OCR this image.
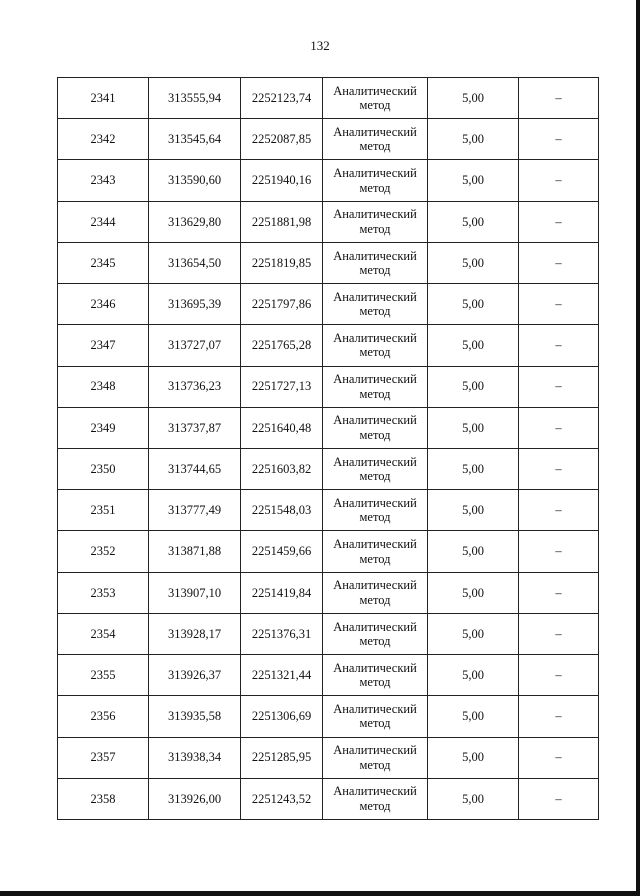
132
2341	313555,94	2252123,74	Аналитический метод	5,00	–
2342	313545,64	2252087,85	Аналитический метод	5,00	–
2343	313590,60	2251940,16	Аналитический метод	5,00	–
2344	313629,80	2251881,98	Аналитический метод	5,00	–
2345	313654,50	2251819,85	Аналитический метод	5,00	–
2346	313695,39	2251797,86	Аналитический метод	5,00	–
2347	313727,07	2251765,28	Аналитический метод	5,00	–
2348	313736,23	2251727,13	Аналитический метод	5,00	–
2349	313737,87	2251640,48	Аналитический метод	5,00	–
2350	313744,65	2251603,82	Аналитический метод	5,00	–
2351	313777,49	2251548,03	Аналитический метод	5,00	–
2352	313871,88	2251459,66	Аналитический метод	5,00	–
2353	313907,10	2251419,84	Аналитический метод	5,00	–
2354	313928,17	2251376,31	Аналитический метод	5,00	–
2355	313926,37	2251321,44	Аналитический метод	5,00	–
2356	313935,58	2251306,69	Аналитический метод	5,00	–
2357	313938,34	2251285,95	Аналитический метод	5,00	–
2358	313926,00	2251243,52	Аналитический метод	5,00	–
